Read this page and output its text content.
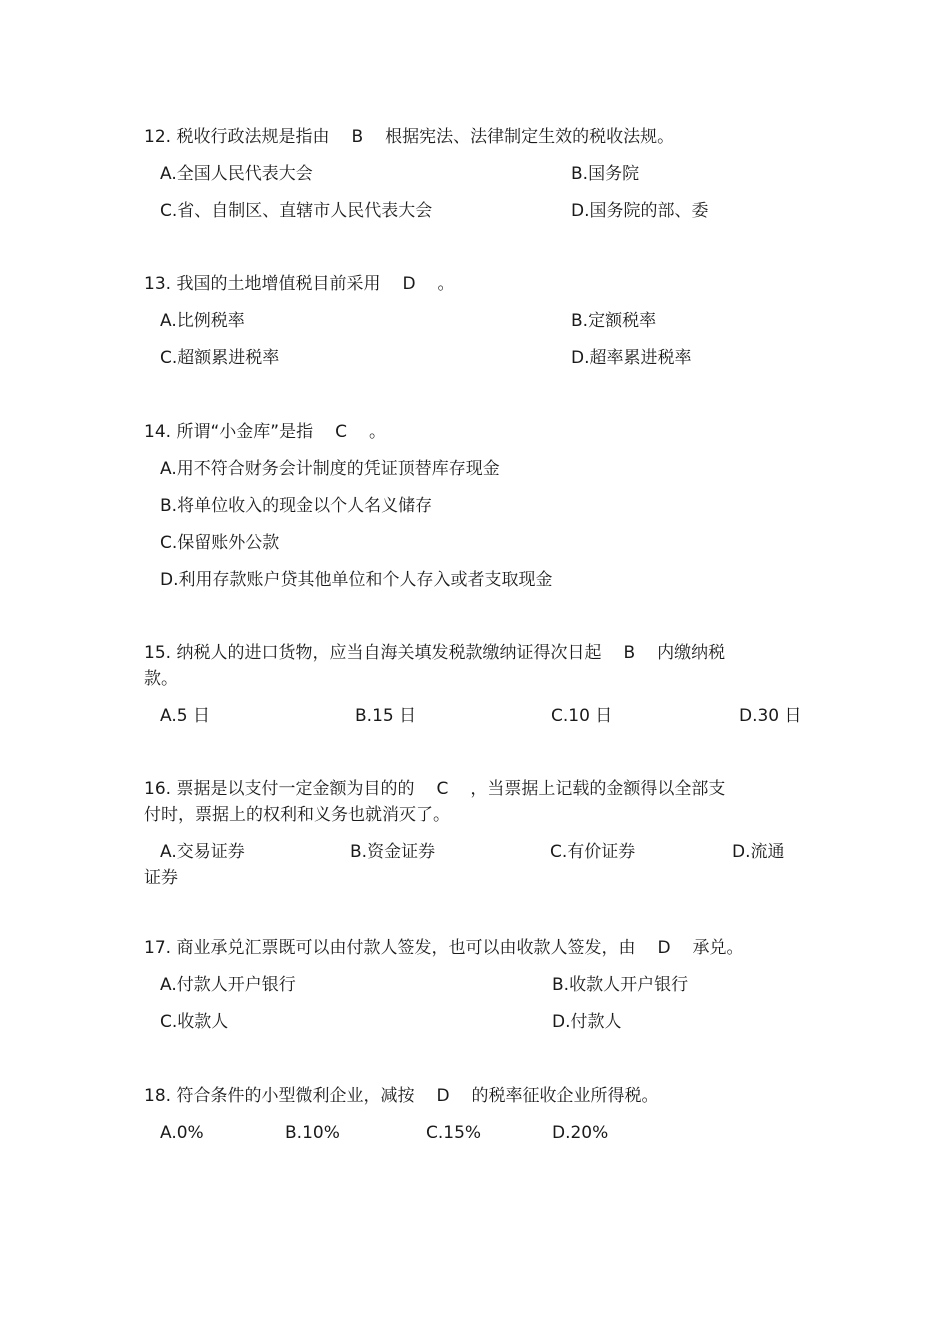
12. 税收行政法规是指由 B 根据宪法、法律制定生效的税收法规。

A.全国人民代表大会	B.国务院
C.省、自制区、直辖市人民代表大会	D.国务院的部、委

13. 我国的土地增值税目前采用 D 。

A.比例税率	B.定额税率
C.超额累进税率	D.超率累进税率

14. 所谓“小金库”是指 C 。

A.用不符合财务会计制度的凭证顶替库存现金

B.将单位收入的现金以个人名义储存

C.保留账外公款

D.利用存款账户贷其他单位和个人存入或者支取现金

15. 纳税人的进口货物，应当自海关填发税款缴纳证得次日起 B 内缴纳税

款。

A.5 日	B.15 日	C.10 日	D.30 日

16. 票据是以支付一定金额为目的的 C ，当票据上记载的金额得以全部支

付时，票据上的权利和义务也就消灭了。

A.交易证券	B.资金证券	C.有价证券	D.流通

证券

17. 商业承兑汇票既可以由付款人签发，也可以由收款人签发，由 D 承兑。

A.付款人开户银行	B.收款人开户银行
C.收款人	D.付款人

18. 符合条件的小型微利企业，减按 D 的税率征收企业所得税。

A.0%	B.10%	C.15%	D.20%
